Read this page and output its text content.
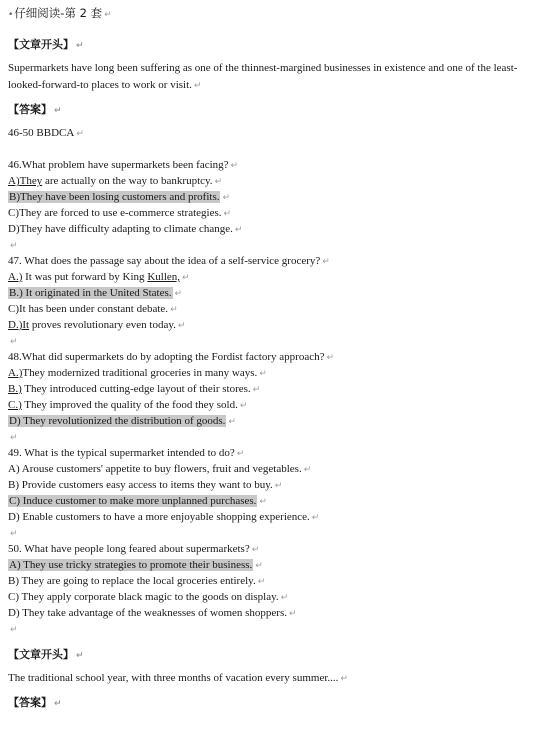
•仔细阅读-第 2 套 ↵
【文章开头】 ↵
Supermarkets have long been suffering as one of the thinnest-margined businesses in existence and one of the least-looked-forward-to places to work or visit. ↵
【答案】 ↵
46-50 BBDCA ↵
46.What problem have supermarkets been facing? ↵
A)They are actually on the way to bankruptcy. ↵
B)They have been losing customers and profits. ↵
C)They are forced to use e-commerce strategies. ↵
D)They have difficulty adapting to climate change. ↵
↵
47. What does the passage say about the idea of a self-service grocery? ↵
A.) It was put forward by King Kullen, ↵
B.) It originated in the United States. ↵
C)It has been under constant debate. ↵
D.)It proves revolutionary even today. ↵
↵
48.What did supermarkets do by adopting the Fordist factory approach? ↵
A.)They modernized traditional groceries in many ways. ↵
B.) They introduced cutting-edge layout of their stores. ↵
C.) They improved the quality of the food they sold. ↵
D) They revolutionized the distribution of goods. ↵
↵
49. What is the typical supermarket intended to do? ↵
A) Arouse customers' appetite to buy flowers, fruit and vegetables. ↵
B) Provide customers easy access to items they want to buy. ↵
C) Induce customer to make more unplanned purchases. ↵
D) Enable customers to have a more enjoyable shopping experience. ↵
↵
50. What have people long feared about supermarkets? ↵
A) They use tricky strategies to promote their business. ↵
B) They are going to replace the local groceries entirely. ↵
C) They apply corporate black magic to the goods on display. ↵
D) They take advantage of the weaknesses of women shoppers. ↵
↵
【文章开头】 ↵
The traditional school year, with three months of vacation every summer.... ↵
【答案】 ↵
